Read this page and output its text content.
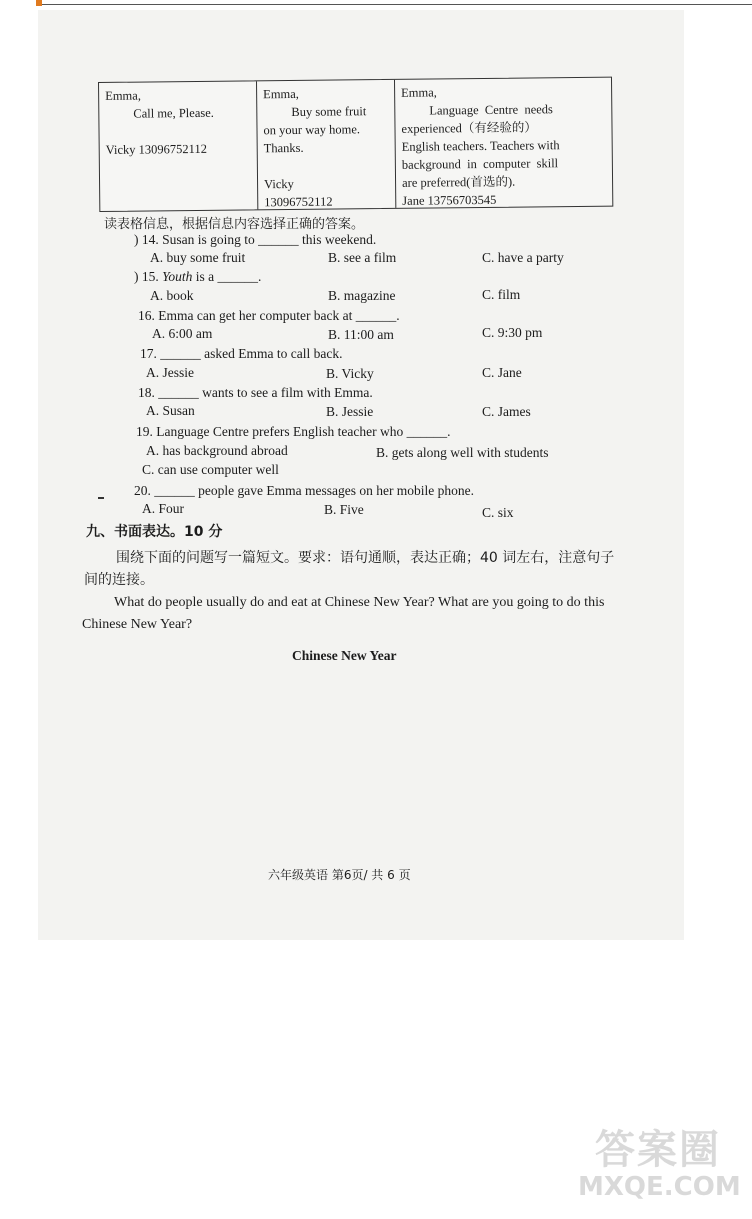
Emma,
Call me, Please.
Vicky 13096752112
Emma,
Buy some fruit
on your way home.
Thanks.
Vicky
13096752112
Emma,
Language  Centre  needs
experienced（有经验的）
English teachers. Teachers with
background  in  computer  skill
are preferred(首选的).
Jane 13756703545
读表格信息，根据信息内容选择正确的答案。
) 14. Susan is going to ______ this weekend.
A. buy some fruit	B. see a film	C. have a party
) 15. Youth is a ______.
A. book	B. magazine	C. film
16. Emma can get her computer back at ______.
A. 6:00 am	B. 11:00 am	C. 9:30 pm
17. ______ asked Emma to call back.
A. Jessie	B. Vicky	C. Jane
18. ______ wants to see a film with Emma.
A. Susan	B. Jessie	C. James
19. Language Centre prefers English teacher who ______.
A. has background abroad	B. gets along well with students
C. can use computer well
20. ______ people gave Emma messages on her mobile phone.
A. Four	B. Five	C. six
九、书面表达。10 分
围绕下面的问题写一篇短文。要求：语句通顺，表达正确；40 词左右，注意句子间的连接。
What do people usually do and eat at Chinese New Year? What are you going to do this Chinese New Year?
Chinese New Year
六年级英语 第6页/ 共 6 页
答案圈
MXQE.COM
